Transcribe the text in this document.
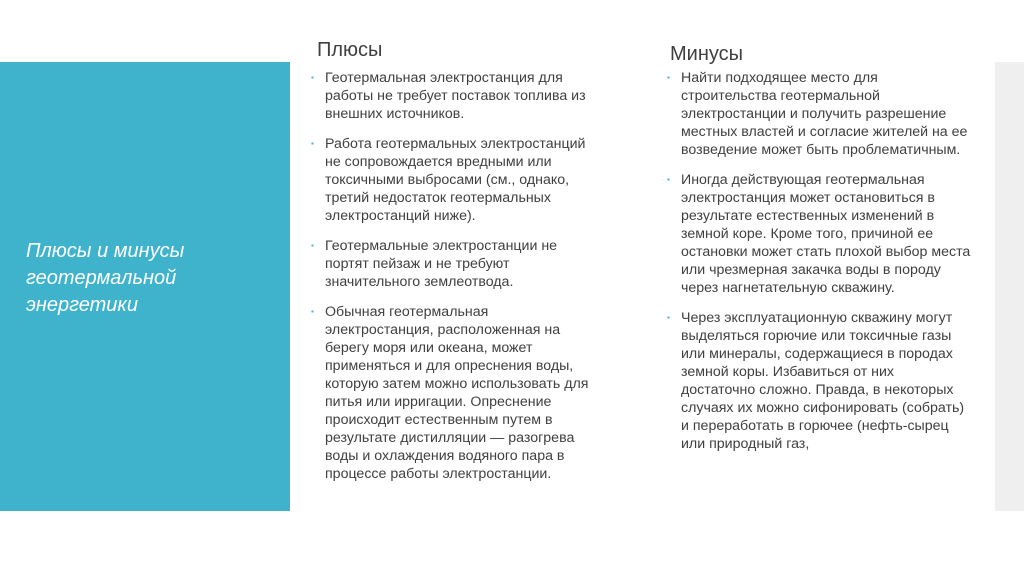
Плюсы и минусы геотермальной энергетики
Плюсы	Минусы
▪ Геотермальная электростанция для работы не требует поставок топлива из внешних источников.
▪ Работа геотермальных электростанций не сопровождается вредными или токсичными выбросами (см., однако, третий недостаток геотермальных электростанций ниже).
▪ Геотермальные электростанции не портят пейзаж и не требуют значительного землеотвода.
▪ Обычная геотермальная электростанция, расположенная на берегу моря или океана, может применяться и для опреснения воды, которую затем можно использовать для питья или ирригации. Опреснение происходит естественным путем в результате дистилляции — разогрева воды и охлаждения водяного пара в процессе работы электростанции.
▪ Найти подходящее место для строительства геотермальной электростанции и получить разрешение местных властей и согласие жителей на ее возведение может быть проблематичным.
▪ Иногда действующая геотермальная электростанция может остановиться в результате естественных изменений в земной коре. Кроме того, причиной ее остановки может стать плохой выбор места или чрезмерная закачка воды в породу через нагнетательную скважину.
▪ Через эксплуатационную скважину могут выделяться горючие или токсичные газы или минералы, содержащиеся в породах земной коры. Избавиться от них достаточно сложно. Правда, в некоторых случаях их можно сифонировать (собрать) и переработать в горючее (нефть-сырец или природный газ,
